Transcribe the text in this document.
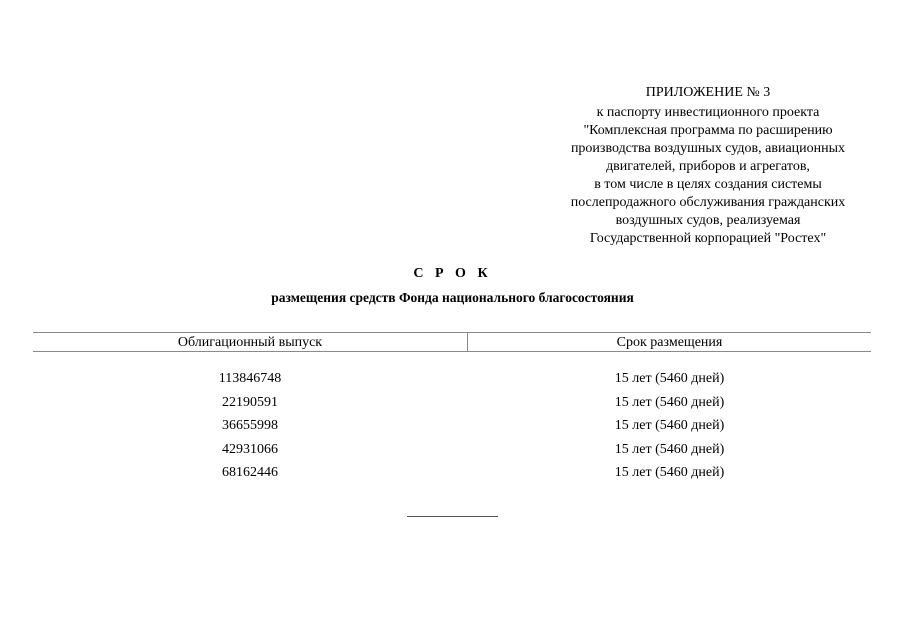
ПРИЛОЖЕНИЕ № 3
к паспорту инвестиционного проекта
"Комплексная программа по расширению
производства воздушных судов, авиационных
двигателей, приборов и агрегатов,
в том числе в целях создания системы
послепродажного обслуживания гражданских
воздушных судов, реализуемая
Государственной корпорацией "Ростех"
С Р О К
размещения средств Фонда национального благосостояния
Облигационный выпуск	Срок размещения
113846748	15 лет (5460 дней)
22190591	15 лет (5460 дней)
36655998	15 лет (5460 дней)
42931066	15 лет (5460 дней)
68162446	15 лет (5460 дней)
